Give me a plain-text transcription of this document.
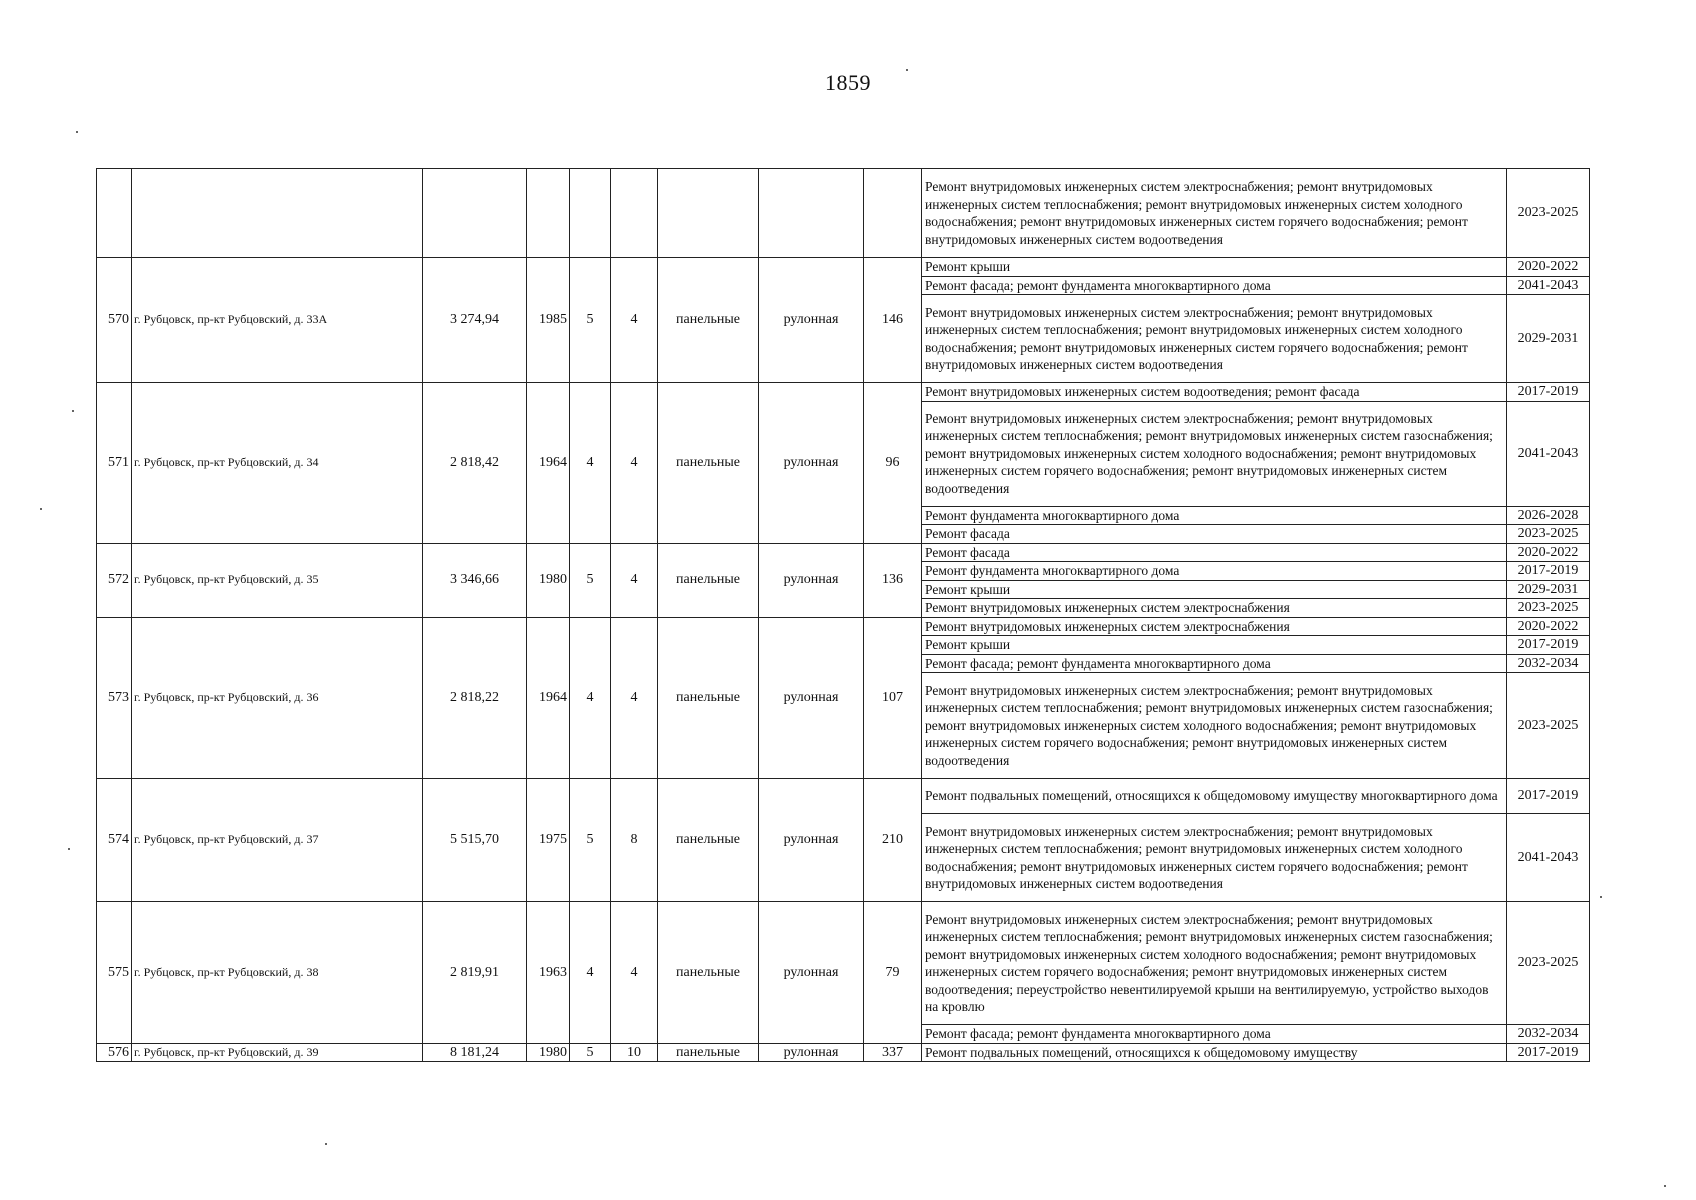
1859
									Ремонт внутридомовых инженерных систем электроснабжения; ремонт внутридомовых инженерных систем теплоснабжения; ремонт внутридомовых инженерных систем холодного водоснабжения; ремонт внутридомовых инженерных систем горячего водоснабжения; ремонт внутридомовых инженерных систем водоотведения	2023-2025
570	г. Рубцовск, пр-кт Рубцовский, д. 33А	3 274,94	1985	5	4	панельные	рулонная	146	Ремонт крыши	2020-2022
									Ремонт фасада; ремонт фундамента многоквартирного дома	2041-2043
									Ремонт внутридомовых инженерных систем электроснабжения; ремонт внутридомовых инженерных систем теплоснабжения; ремонт внутридомовых инженерных систем холодного водоснабжения; ремонт внутридомовых инженерных систем горячего водоснабжения; ремонт внутридомовых инженерных систем водоотведения	2029-2031
571	г. Рубцовск, пр-кт Рубцовский, д. 34	2 818,42	1964	4	4	панельные	рулонная	96	Ремонт внутридомовых инженерных систем водоотведения; ремонт фасада	2017-2019
									Ремонт внутридомовых инженерных систем электроснабжения; ремонт внутридомовых инженерных систем теплоснабжения; ремонт внутридомовых инженерных систем газоснабжения; ремонт внутридомовых инженерных систем холодного водоснабжения; ремонт внутридомовых инженерных систем горячего водоснабжения; ремонт внутридомовых инженерных систем водоотведения	2041-2043
									Ремонт фундамента многоквартирного дома	2026-2028
									Ремонт фасада	2023-2025
572	г. Рубцовск, пр-кт Рубцовский, д. 35	3 346,66	1980	5	4	панельные	рулонная	136	Ремонт фасада	2020-2022
									Ремонт фундамента многоквартирного дома	2017-2019
									Ремонт крыши	2029-2031
									Ремонт внутридомовых инженерных систем электроснабжения	2023-2025
573	г. Рубцовск, пр-кт Рубцовский, д. 36	2 818,22	1964	4	4	панельные	рулонная	107	Ремонт внутридомовых инженерных систем электроснабжения	2020-2022
									Ремонт крыши	2017-2019
									Ремонт фасада; ремонт фундамента многоквартирного дома	2032-2034
									Ремонт внутридомовых инженерных систем электроснабжения; ремонт внутридомовых инженерных систем теплоснабжения; ремонт внутридомовых инженерных систем газоснабжения; ремонт внутридомовых инженерных систем холодного водоснабжения; ремонт внутридомовых инженерных систем горячего водоснабжения; ремонт внутридомовых инженерных систем водоотведения	2023-2025
574	г. Рубцовск, пр-кт Рубцовский, д. 37	5 515,70	1975	5	8	панельные	рулонная	210	Ремонт подвальных помещений, относящихся к общедомовому имуществу многоквартирного дома	2017-2019
									Ремонт внутридомовых инженерных систем электроснабжения; ремонт внутридомовых инженерных систем теплоснабжения; ремонт внутридомовых инженерных систем холодного водоснабжения; ремонт внутридомовых инженерных систем горячего водоснабжения; ремонт внутридомовых инженерных систем водоотведения	2041-2043
575	г. Рубцовск, пр-кт Рубцовский, д. 38	2 819,91	1963	4	4	панельные	рулонная	79	Ремонт внутридомовых инженерных систем электроснабжения; ремонт внутридомовых инженерных систем теплоснабжения; ремонт внутридомовых инженерных систем газоснабжения; ремонт внутридомовых инженерных систем холодного водоснабжения; ремонт внутридомовых инженерных систем горячего водоснабжения; ремонт внутридомовых инженерных систем водоотведения; переустройство невентилируемой крыши на вентилируемую, устройство выходов на кровлю	2023-2025
									Ремонт фасада; ремонт фундамента многоквартирного дома	2032-2034
576	г. Рубцовск, пр-кт Рубцовский, д. 39	8 181,24	1980	5	10	панельные	рулонная	337	Ремонт подвальных помещений, относящихся к общедомовому имуществу	2017-2019
